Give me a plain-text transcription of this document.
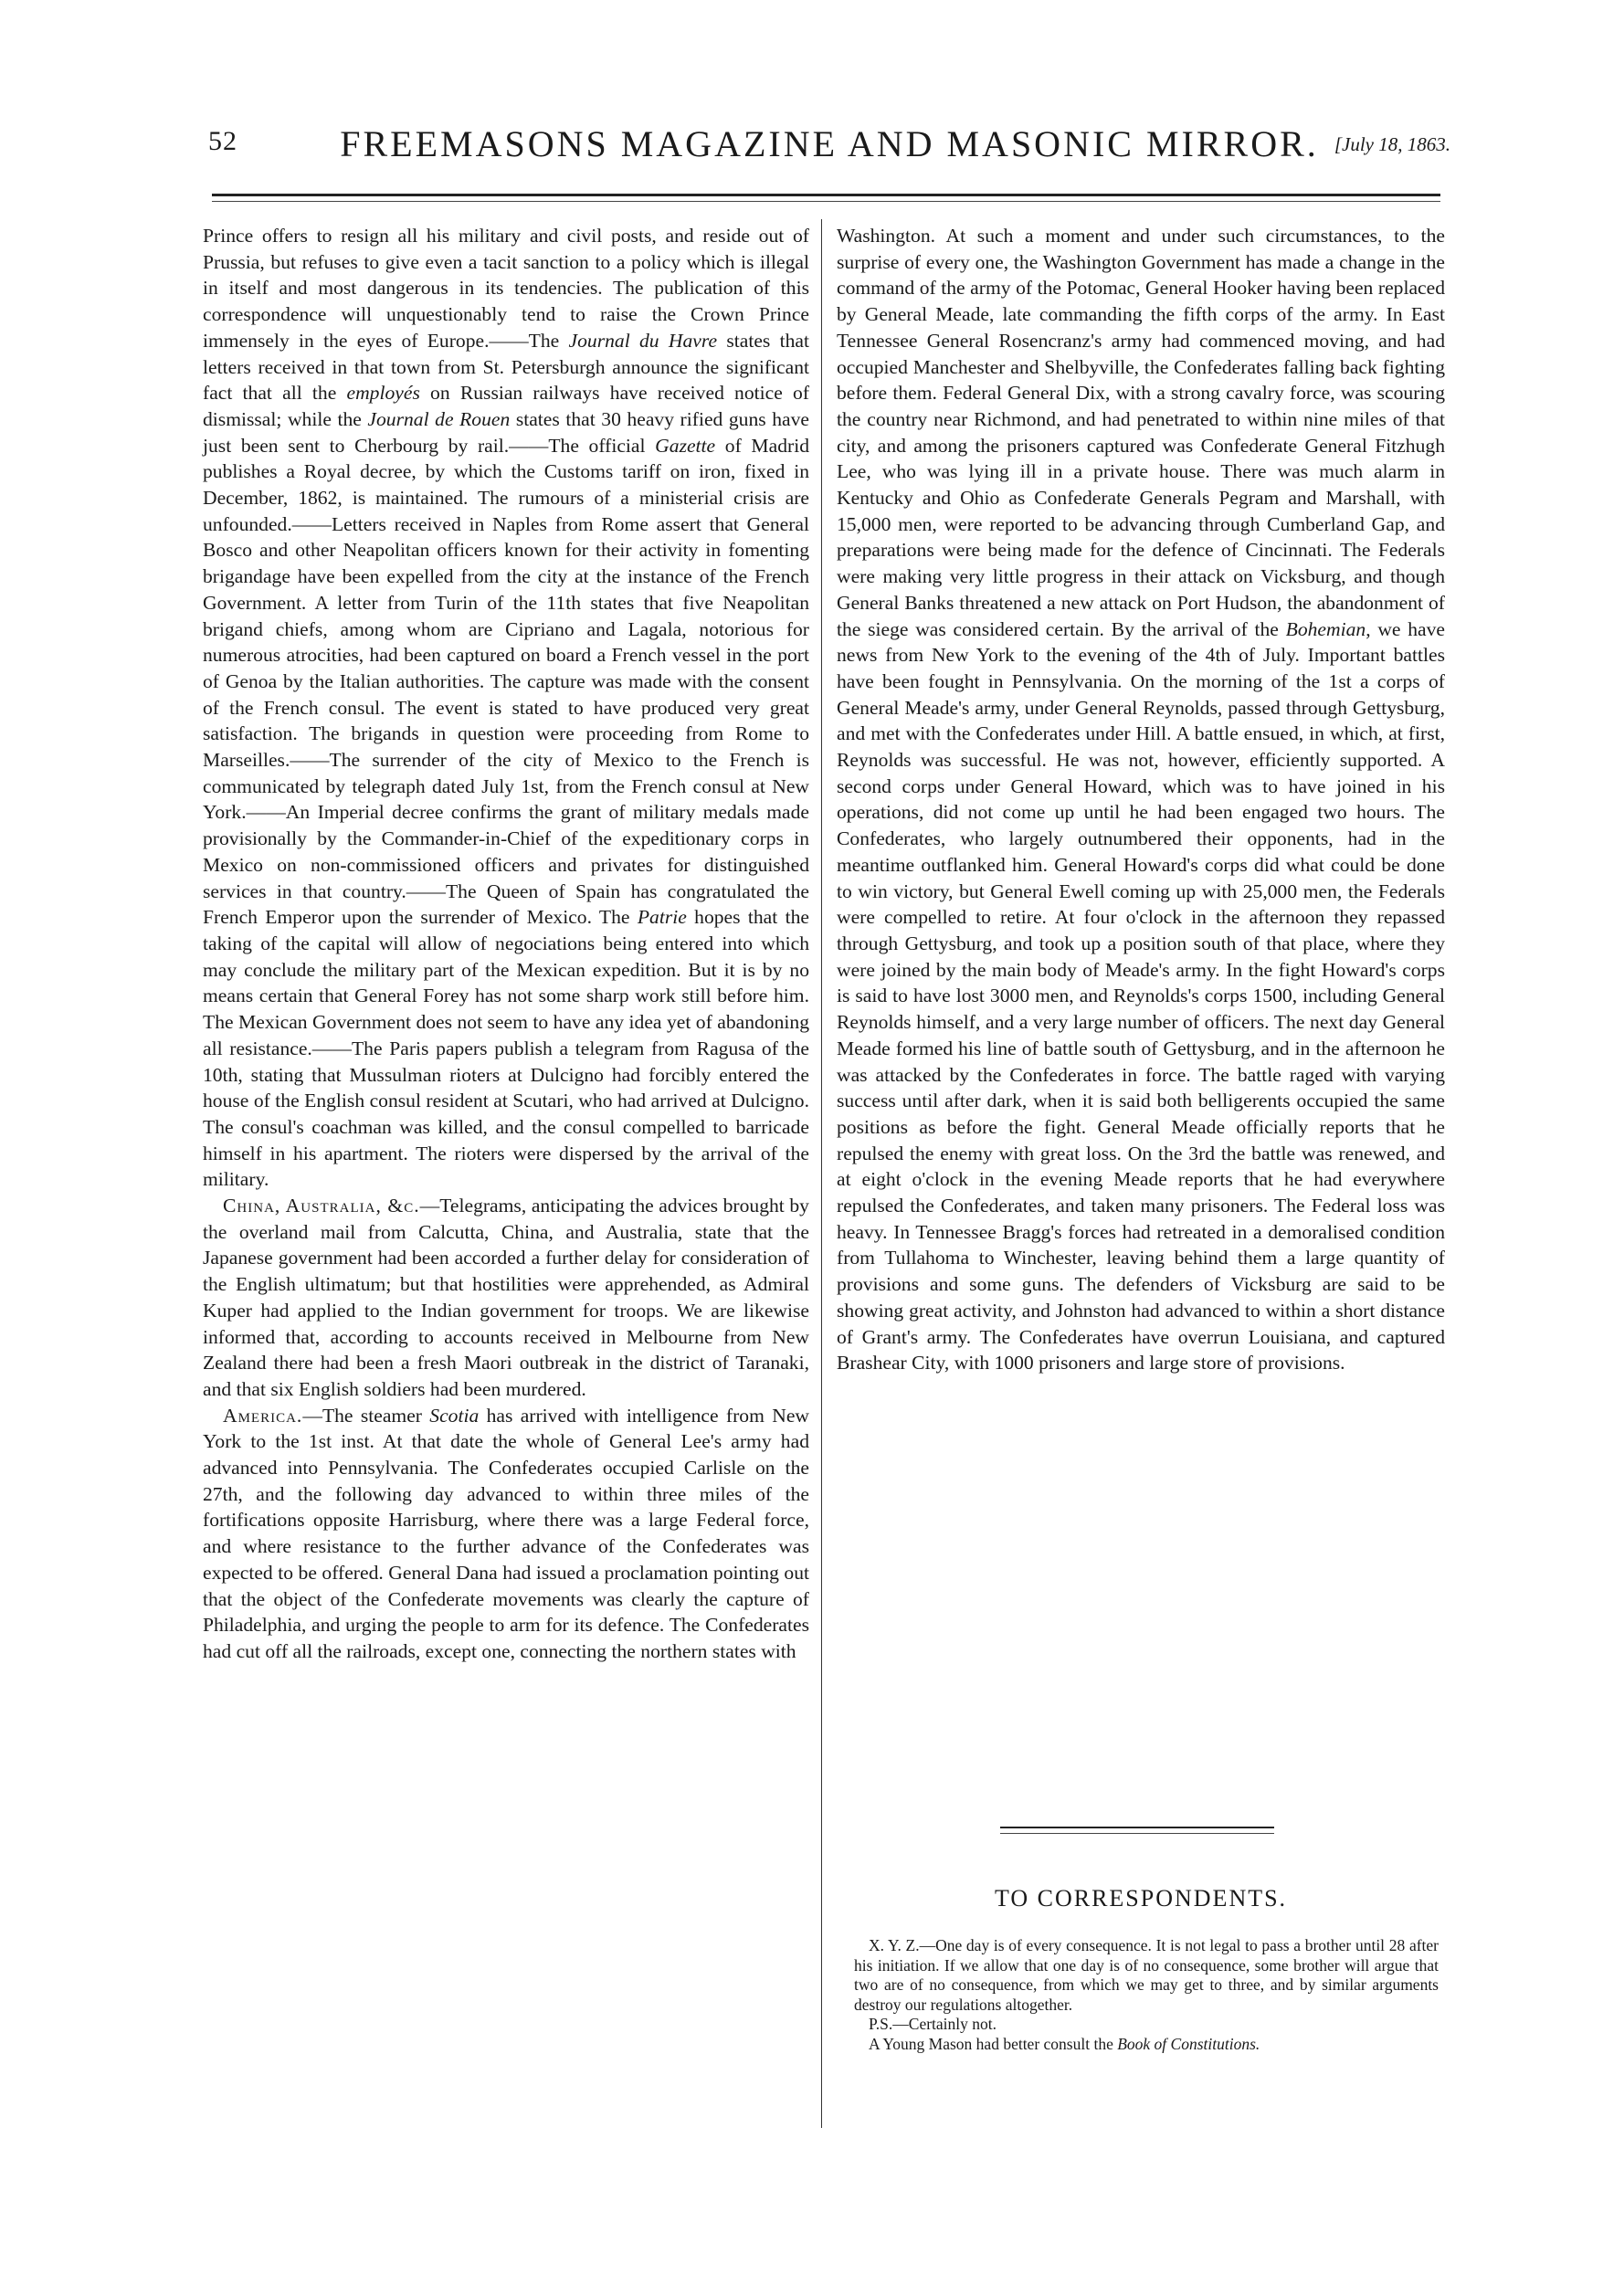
52	FREEMASONS MAGAZINE AND MASONIC MIRROR. [July 18, 1863.

Prince offers to resign all his military and civil posts, and reside out of Prussia, but refuses to give even a tacit sanction to a policy which is illegal in itself and most dangerous in its tendencies. The publication of this correspondence will unquestionably tend to raise the Crown Prince immensely in the eyes of Europe.——The Journal du Havre states that letters received in that town from St. Petersburgh announce the significant fact that all the employés on Russian railways have received notice of dismissal; while the Journal de Rouen states that 30 heavy rified guns have just been sent to Cherbourg by rail.——The official Gazette of Madrid publishes a Royal decree, by which the Customs tariff on iron, fixed in December, 1862, is maintained. The rumours of a ministerial crisis are unfounded.——Letters received in Naples from Rome assert that General Bosco and other Neapolitan officers known for their activity in fomenting brigandage have been expelled from the city at the instance of the French Government. A letter from Turin of the 11th states that five Neapolitan brigand chiefs, among whom are Cipriano and Lagala, notorious for numerous atrocities, had been captured on board a French vessel in the port of Genoa by the Italian authorities. The capture was made with the consent of the French consul. The event is stated to have produced very great satisfaction. The brigands in question were proceeding from Rome to Marseilles.——The surrender of the city of Mexico to the French is communicated by telegraph dated July 1st, from the French consul at New York.——An Imperial decree confirms the grant of military medals made provisionally by the Commander-in-Chief of the expeditionary corps in Mexico on non-commissioned officers and privates for distinguished services in that country.——The Queen of Spain has congratulated the French Emperor upon the surrender of Mexico. The Patrie hopes that the taking of the capital will allow of negociations being entered into which may conclude the military part of the Mexican expedition. But it is by no means certain that General Forey has not some sharp work still before him. The Mexican Government does not seem to have any idea yet of abandoning all resistance.——The Paris papers publish a telegram from Ragusa of the 10th, stating that Mussulman rioters at Dulcigno had forcibly entered the house of the English consul resident at Scutari, who had arrived at Dulcigno. The consul's coachman was killed, and the consul compelled to barricade himself in his apartment. The rioters were dispersed by the arrival of the military.

China, Australia, &c.—Telegrams, anticipating the advices brought by the overland mail from Calcutta, China, and Australia, state that the Japanese government had been accorded a further delay for consideration of the English ultimatum; but that hostilities were apprehended, as Admiral Kuper had applied to the Indian government for troops. We are likewise informed that, according to accounts received in Melbourne from New Zealand there had been a fresh Maori outbreak in the district of Taranaki, and that six English soldiers had been murdered.

America.—The steamer Scotia has arrived with intelligence from New York to the 1st inst. At that date the whole of General Lee's army had advanced into Pennsylvania. The Confederates occupied Carlisle on the 27th, and the following day advanced to within three miles of the fortifications opposite Harrisburg, where there was a large Federal force, and where resistance to the further advance of the Confederates was expected to be offered. General Dana had issued a proclamation pointing out that the object of the Confederate movements was clearly the capture of Philadelphia, and urging the people to arm for its defence. The Confederates had cut off all the railroads, except one, connecting the northern states with

Washington. At such a moment and under such circumstances, to the surprise of every one, the Washington Government has made a change in the command of the army of the Potomac, General Hooker having been replaced by General Meade, late commanding the fifth corps of the army. In East Tennessee General Rosencranz's army had commenced moving, and had occupied Manchester and Shelbyville, the Confederates falling back fighting before them. Federal General Dix, with a strong cavalry force, was scouring the country near Richmond, and had penetrated to within nine miles of that city, and among the prisoners captured was Confederate General Fitzhugh Lee, who was lying ill in a private house. There was much alarm in Kentucky and Ohio as Confederate Generals Pegram and Marshall, with 15,000 men, were reported to be advancing through Cumberland Gap, and preparations were being made for the defence of Cincinnati. The Federals were making very little progress in their attack on Vicksburg, and though General Banks threatened a new attack on Port Hudson, the abandonment of the siege was considered certain. By the arrival of the Bohemian, we have news from New York to the evening of the 4th of July. Important battles have been fought in Pennsylvania. On the morning of the 1st a corps of General Meade's army, under General Reynolds, passed through Gettysburg, and met with the Confederates under Hill. A battle ensued, in which, at first, Reynolds was successful. He was not, however, efficiently supported. A second corps under General Howard, which was to have joined in his operations, did not come up until he had been engaged two hours. The Confederates, who largely outnumbered their opponents, had in the meantime outflanked him. General Howard's corps did what could be done to win victory, but General Ewell coming up with 25,000 men, the Federals were compelled to retire. At four o'clock in the afternoon they repassed through Gettysburg, and took up a position south of that place, where they were joined by the main body of Meade's army. In the fight Howard's corps is said to have lost 3000 men, and Reynolds's corps 1500, including General Reynolds himself, and a very large number of officers. The next day General Meade formed his line of battle south of Gettysburg, and in the afternoon he was attacked by the Confederates in force. The battle raged with varying success until after dark, when it is said both belligerents occupied the same positions as before the fight. General Meade officially reports that he repulsed the enemy with great loss. On the 3rd the battle was renewed, and at eight o'clock in the evening Meade reports that he had everywhere repulsed the Confederates, and taken many prisoners. The Federal loss was heavy. In Tennessee Bragg's forces had retreated in a demoralised condition from Tullahoma to Winchester, leaving behind them a large quantity of provisions and some guns. The defenders of Vicksburg are said to be showing great activity, and Johnston had advanced to within a short distance of Grant's army. The Confederates have overrun Louisiana, and captured Brashear City, with 1000 prisoners and large store of provisions.

TO CORRESPONDENTS.

X. Y. Z.—One day is of every consequence. It is not legal to pass a brother until 28 after his initiation. If we allow that one day is of no consequence, some brother will argue that two are of no consequence, from which we may get to three, and by similar arguments destroy our regulations altogether.

P.S.—Certainly not.

A Young Mason had better consult the Book of Constitutions.
